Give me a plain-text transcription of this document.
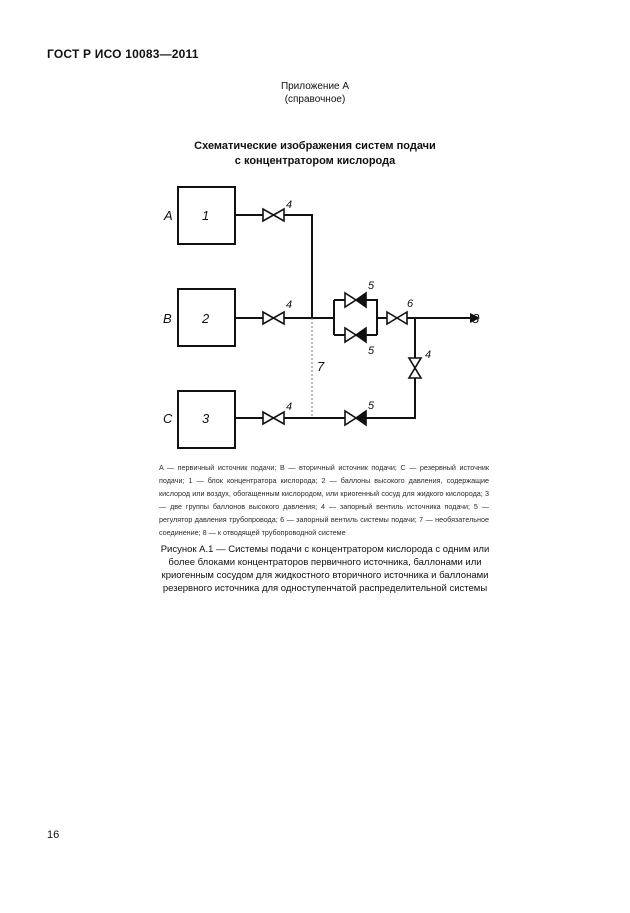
ГОСТ Р ИСО 10083—2011
Приложение А
(справочное)
Схематические изображения систем подачи
с концентратором кислорода
A
B
C
1
2
3
7
8
4
4
4
4
5
5
5
6
A — первичный источник подачи; B — вторичный источник подачи; C — резервный источник подачи; 1 — блок концентратора кислорода; 2 — баллоны высокого давления, содержащие кислород или воздух, обогащенным кислородом, или криогенный сосуд для жидкого кислорода; 3 — две группы баллонов высокого давления; 4 — запорный вентиль источника подачи; 5 — регулятор давления трубопровода; 6 — запорный вентиль системы подачи; 7 — необязательное соединение; 8 — к отводящей трубопроводной системе
Рисунок А.1 — Системы подачи с концентратором кислорода с одним или более блоками концентраторов первичного источника, баллонами или криогенным сосудом для жидкостного вторичного источника и баллонами резервного источника для одноступенчатой распределительной системы
16
